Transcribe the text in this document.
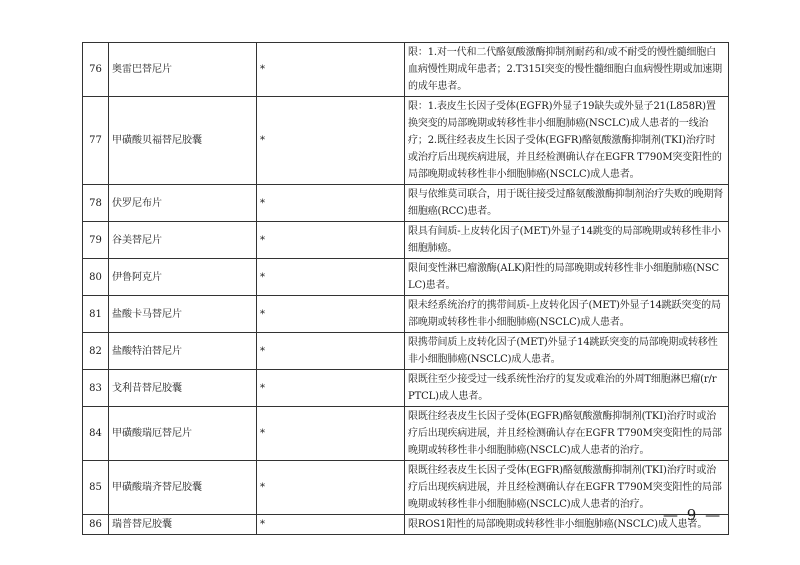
76	奥雷巴替尼片	*	限：1.对一代和二代酪氨酸激酶抑制剂耐药和/或不耐受的慢性髓细胞白血病慢性期成年患者；2.T315I突变的慢性髓细胞白血病慢性期或加速期的成年患者。
77	甲磺酸贝福替尼胶囊	*	限：1.表皮生长因子受体(EGFR)外显子19缺失或外显子21(L858R)置换突变的局部晚期或转移性非小细胞肺癌(NSCLC)成人患者的一线治疗；2.既往经表皮生长因子受体(EGFR)酪氨酸激酶抑制剂(TKI)治疗时或治疗后出现疾病进展，并且经检测确认存在EGFR T790M突变阳性的局部晚期或转移性非小细胞肺癌(NSCLC)成人患者。
78	伏罗尼布片	*	限与依维莫司联合，用于既往接受过酪氨酸激酶抑制剂治疗失败的晚期肾细胞癌(RCC)患者。
79	谷美替尼片	*	限具有间质-上皮转化因子(MET)外显子14跳变的局部晚期或转移性非小细胞肺癌。
80	伊鲁阿克片	*	限间变性淋巴瘤激酶(ALK)阳性的局部晚期或转移性非小细胞肺癌(NSCLC)患者。
81	盐酸卡马替尼片	*	限未经系统治疗的携带间质-上皮转化因子(MET)外显子14跳跃突变的局部晚期或转移性非小细胞肺癌(NSCLC)成人患者。
82	盐酸特泊替尼片	*	限携带间质上皮转化因子(MET)外显子14跳跃突变的局部晚期或转移性非小细胞肺癌(NSCLC)成人患者。
83	戈利昔替尼胶囊	*	限既往至少接受过一线系统性治疗的复发或难治的外周T细胞淋巴瘤(r/r PTCL)成人患者。
84	甲磺酸瑞厄替尼片	*	限既往经表皮生长因子受体(EGFR)酪氨酸激酶抑制剂(TKI)治疗时或治疗后出现疾病进展，并且经检测确认存在EGFR T790M突变阳性的局部晚期或转移性非小细胞肺癌(NSCLC)成人患者的治疗。
85	甲磺酸瑞齐替尼胶囊	*	限既往经表皮生长因子受体(EGFR)酪氨酸激酶抑制剂(TKI)治疗时或治疗后出现疾病进展，并且经检测确认存在EGFR T790M突变阳性的局部晚期或转移性非小细胞肺癌(NSCLC)成人患者的治疗。
86	瑞普替尼胶囊	*	限ROS1阳性的局部晚期或转移性非小细胞肺癌(NSCLC)成人患者。
— 9 —
